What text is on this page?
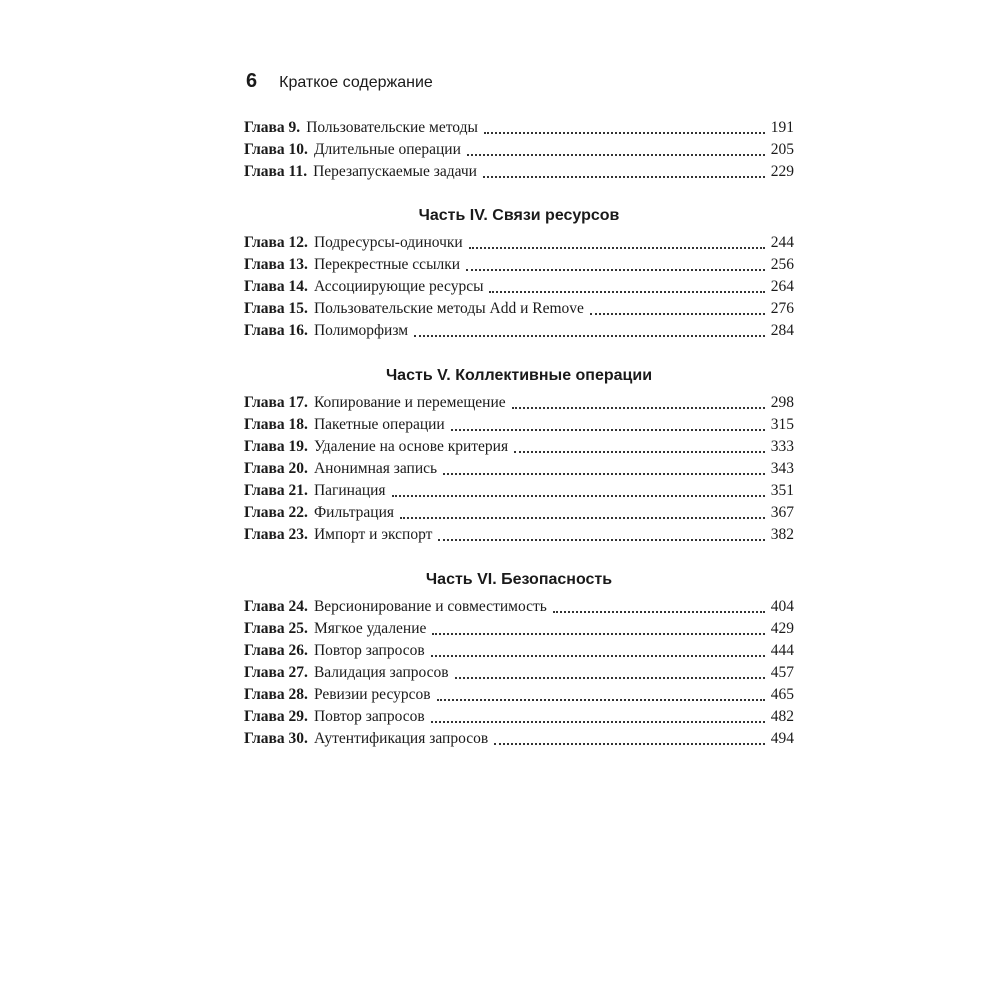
6 Краткое содержание
Глава 9. Пользовательские методы	191
Глава 10. Длительные операции	205
Глава 11. Перезапускаемые задачи	229
Часть IV. Связи ресурсов
Глава 12. Подресурсы-одиночки	244
Глава 13. Перекрестные ссылки	256
Глава 14. Ассоциирующие ресурсы	264
Глава 15. Пользовательские методы Add и Remove	276
Глава 16. Полиморфизм	284
Часть V. Коллективные операции
Глава 17. Копирование и перемещение	298
Глава 18. Пакетные операции	315
Глава 19. Удаление на основе критерия	333
Глава 20. Анонимная запись	343
Глава 21. Пагинация	351
Глава 22. Фильтрация	367
Глава 23. Импорт и экспорт	382
Часть VI. Безопасность
Глава 24. Версионирование и совместимость	404
Глава 25. Мягкое удаление	429
Глава 26. Повтор запросов	444
Глава 27. Валидация запросов	457
Глава 28. Ревизии ресурсов	465
Глава 29. Повтор запросов	482
Глава 30. Аутентификация запросов	494
